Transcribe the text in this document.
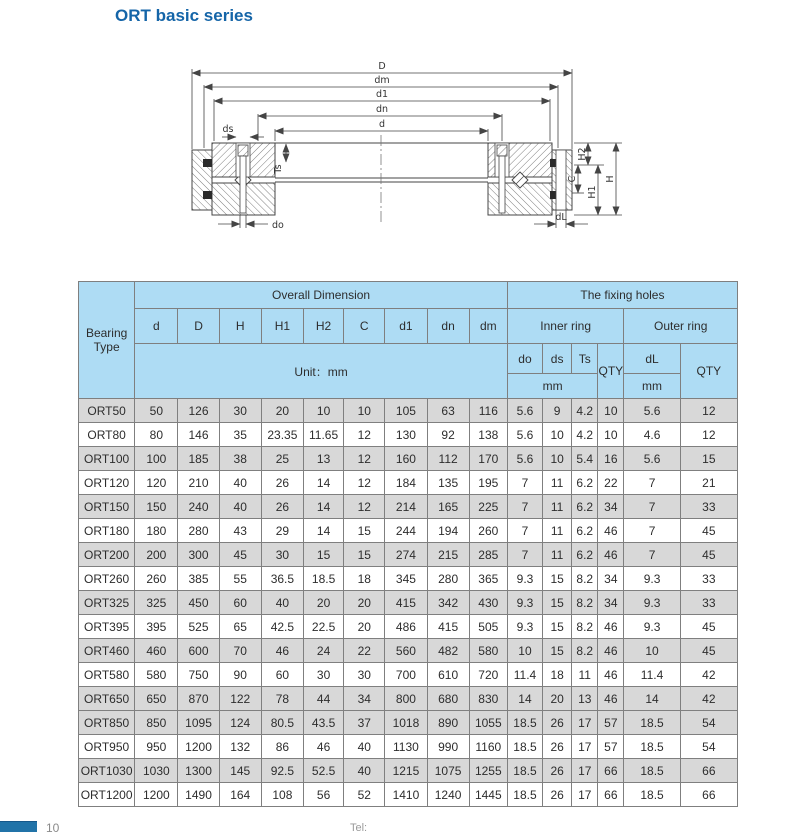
ORT basic series
D
dm
d1
dn
d
ds
do
dL
Ts
H2
C
H1
H
Bearing
Type	Overall Dimension									The fixing holes					
	d	D	H	H1	H2	C	d1	dn	dm	Inner ring				Outer ring	
	Unit：mm									do	ds	Ts	QTY	dL	QTY
										mm				mm	
ORT50	50	126	30	20	10	10	105	63	116	5.6	9	4.2	10	5.6	12
ORT80	80	146	35	23.35	11.65	12	130	92	138	5.6	10	4.2	10	4.6	12
ORT100	100	185	38	25	13	12	160	112	170	5.6	10	5.4	16	5.6	15
ORT120	120	210	40	26	14	12	184	135	195	7	11	6.2	22	7	21
ORT150	150	240	40	26	14	12	214	165	225	7	11	6.2	34	7	33
ORT180	180	280	43	29	14	15	244	194	260	7	11	6.2	46	7	45
ORT200	200	300	45	30	15	15	274	215	285	7	11	6.2	46	7	45
ORT260	260	385	55	36.5	18.5	18	345	280	365	9.3	15	8.2	34	9.3	33
ORT325	325	450	60	40	20	20	415	342	430	9.3	15	8.2	34	9.3	33
ORT395	395	525	65	42.5	22.5	20	486	415	505	9.3	15	8.2	46	9.3	45
ORT460	460	600	70	46	24	22	560	482	580	10	15	8.2	46	10	45
ORT580	580	750	90	60	30	30	700	610	720	11.4	18	11	46	11.4	42
ORT650	650	870	122	78	44	34	800	680	830	14	20	13	46	14	42
ORT850	850	1095	124	80.5	43.5	37	1018	890	1055	18.5	26	17	57	18.5	54
ORT950	950	1200	132	86	46	40	1130	990	1160	18.5	26	17	57	18.5	54
ORT1030	1030	1300	145	92.5	52.5	40	1215	1075	1255	18.5	26	17	66	18.5	66
ORT1200	1200	1490	164	108	56	52	1410	1240	1445	18.5	26	17	66	18.5	66
10	Tel:
